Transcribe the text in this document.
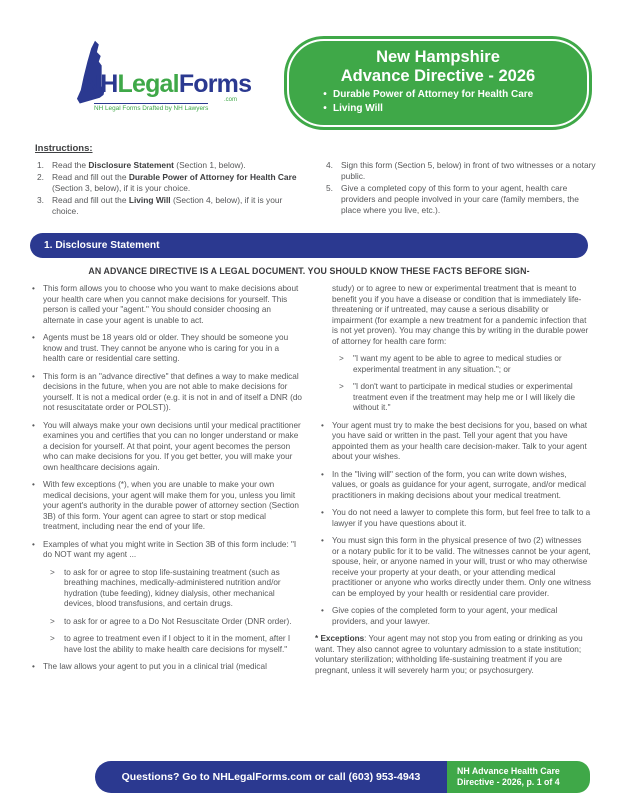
NHLegalForms
.com
NH Legal Forms Drafted by NH Lawyers
New Hampshire
Advance Directive - 2026
• Durable Power of Attorney for Health Care
• Living Will
Instructions:
1. Read the Disclosure Statement (Section 1, below).
2. Read and fill out the Durable Power of Attorney for Health Care (Section 3, below), if it is your choice.
3. Read and fill out the Living Will (Section 4, below), if it is your choice.
4. Sign this form (Section 5, below) in front of two witnesses or a notary public.
5. Give a completed copy of this form to your agent, health care providers and people involved in your care (family members, the place where you live, etc.).
1. Disclosure Statement
AN ADVANCE DIRECTIVE IS A LEGAL DOCUMENT. YOU SHOULD KNOW THESE FACTS BEFORE SIGN-
• This form allows you to choose who you want to make decisions about your health care when you cannot make decisions for yourself. This person is called your "agent." You should consider choosing an alternate in case your agent is unable to act.
• Agents must be 18 years old or older. They should be someone you know and trust. They cannot be anyone who is caring for you in a health care or residential care setting.
• This form is an "advance directive" that defines a way to make medical decisions in the future, when you are not able to make decisions for yourself. It is not a medical order (e.g. it is not in and of itself a DNR (do not resuscitatate order or POLST)).
• You will always make your own decisions until your medical practitioner examines you and certifies that you can no longer understand or make a decision for yourself. At that point, your agent becomes the person who can make decisions for you. If you get better, you will make your own healthcare decisions again.
• With few exceptions (*), when you are unable to make your own medical decisions, your agent will make them for you, unless you limit your agent's authority in the durable power of attorney section (Section 3B) of this form. Your agent can agree to start or stop medical treatment, including near the end of your life.
• Examples of what you might write in Section 3B of this form include: "I do NOT want my agent ...
>	to ask for or agree to stop life-sustaining treatment (such as breathing machines, medically-administered nutrition and/or hydration (tube feeding), kidney dialysis, other mechanical devices, blood transfusions, and certain drugs.
>	to ask for or agree to a Do Not Resuscitate Order (DNR order).
>	to agree to treatment even if I object to it in the moment, after I have lost the ability to make health care decisions for myself."
• The law allows your agent to put you in a clinical trial (medical
study) or to agree to new or experimental treatment that is meant to benefit you if you have a disease or condition that is immediately life-threatening or if untreated, may cause a serious disability or impairment (for example a new treatment for a pandemic infection that is not yet proven). You may change this by writing in the durable power of attorney for health care form:
>	"I want my agent to be able to agree to medical studies or experimental treatment in any situation."; or
>	"I don't want to participate in medical studies or experimental treatment even if the treatment may help me or I will likely die without it."
• Your agent must try to make the best decisions for you, based on what you have said or written in the past. Tell your agent that you have appointed them as your health care decision-maker. Talk to your agent about your wishes.
• In the "living will" section of the form, you can write down wishes, values, or goals as guidance for your agent, surrogate, and/or medical practitioners in making decisions about your medical treatment.
• You do not need a lawyer to complete this form, but feel free to talk to a lawyer if you have questions about it.
• You must sign this form in the physical presence of two (2) witnesses or a notary public for it to be valid. The witnesses cannot be your agent, spouse, heir, or anyone named in your will, trust or who may otherwise receive your property at your death, or your attending medical practitioner or anyone who works directly under them. Only one witness can be employed by your health or residential care provider.
• Give copies of the completed form to your agent, your medical providers, and your lawyer.
* Exceptions: Your agent may not stop you from eating or drinking as you want. They also cannot agree to voluntary admission to a state institution; voluntary sterilization; withholding life-sustaining treatment if you are pregnant, unless it will severely harm you; or psychosurgery.
Questions? Go to NHLegalForms.com or call (603) 953-4943	NH Advance Health Care
Directive - 2026, p. 1 of 4
